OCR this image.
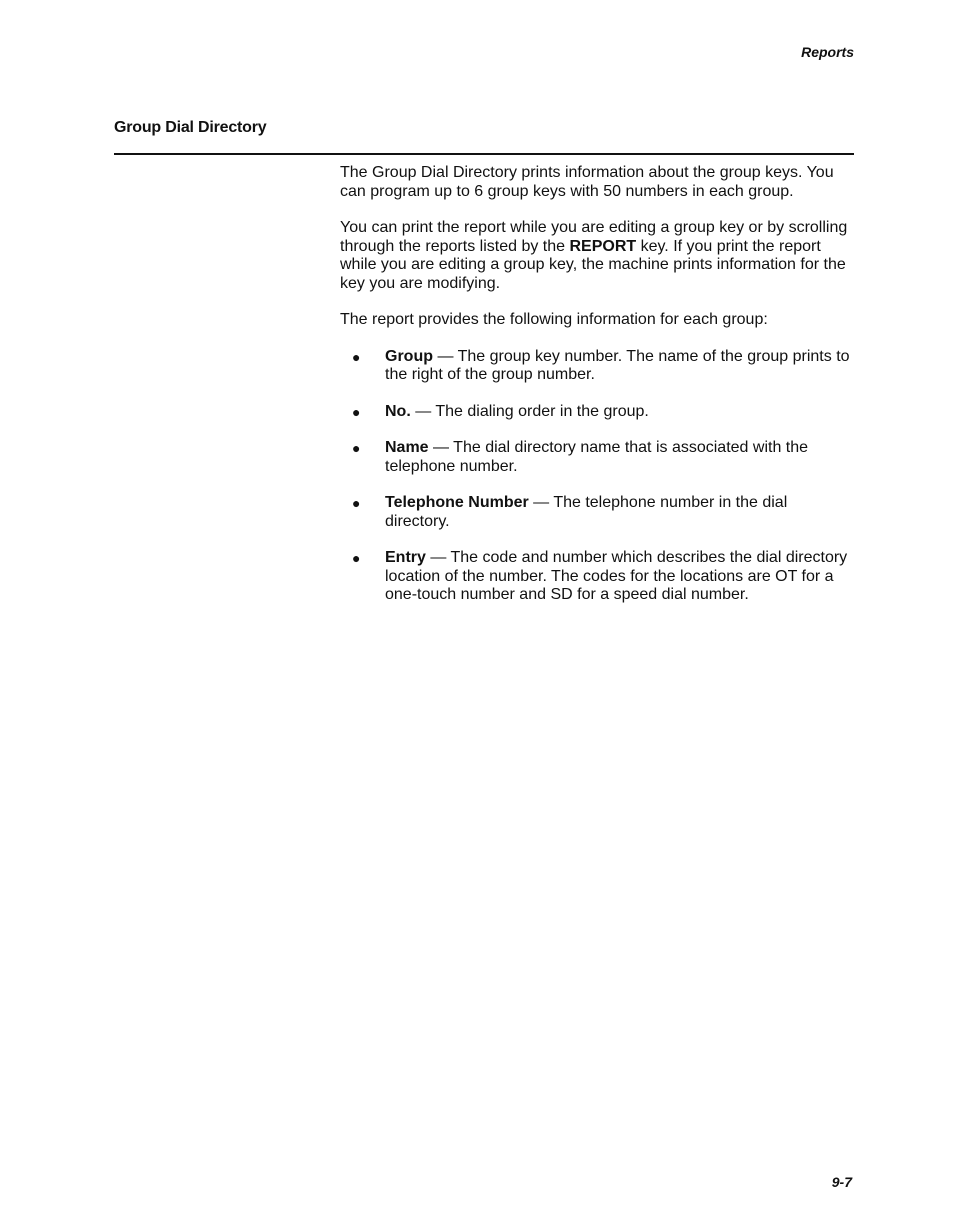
Reports

Group Dial Directory

The Group Dial Directory prints information about the group keys. You can program up to 6 group keys with 50 numbers in each group.

You can print the report while you are editing a group key or by scrolling through the reports listed by the REPORT key. If you print the report while you are editing a group key, the machine prints information for the key you are modifying.

The report provides the following information for each group:

● Group — The group key number. The name of the group prints to the right of the group number.
● No. — The dialing order in the group.
● Name — The dial directory name that is associated with the telephone number.
● Telephone Number — The telephone number in the dial directory.
● Entry — The code and number which describes the dial directory location of the number. The codes for the locations are OT for a one-touch number and SD for a speed dial number.

9-7
